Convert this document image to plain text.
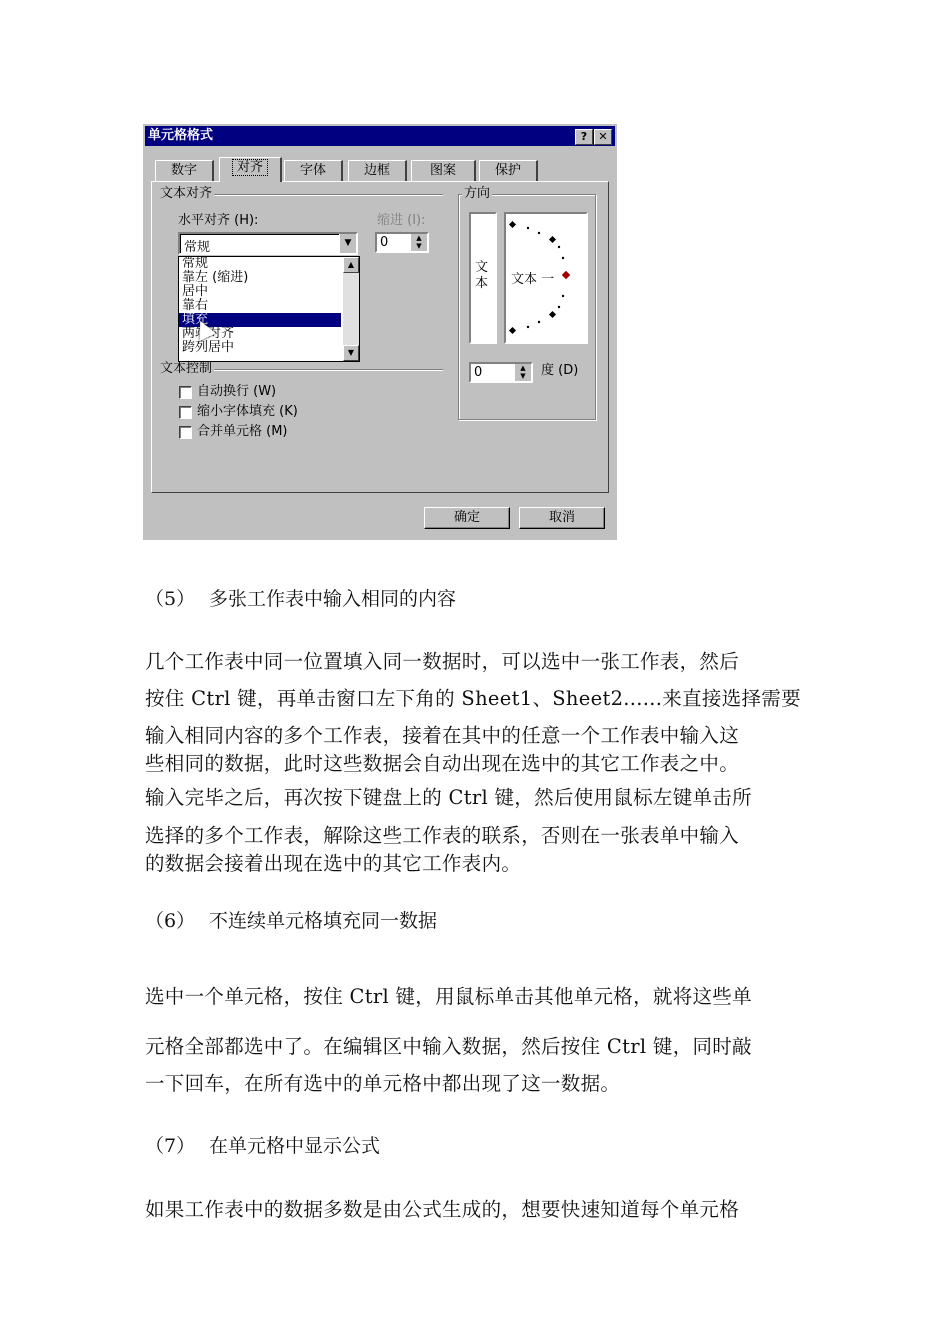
单元格格式	?	✕
数字	对齐	字体	边框	图案	保护
文本对齐
水平对齐 (H):
常规	▼
缩进 (I):
0	▲
▼
常规
靠左 (缩进)
居中
靠右
填充
两端对齐
跨列居中
▲
▼
文本控制
自动换行 (W)
缩小字体填充 (K)
合并单元格 (M)
方向
文本 文本 一
0	▲
▼	度 (D)
确定	取消
（5） 多张工作表中输入相同的内容
几个工作表中同一位置填入同一数据时，可以选中一张工作表，然后
按住 Ctrl 键，再单击窗口左下角的 Sheet1、Sheet2......来直接选择需要
输入相同内容的多个工作表，接着在其中的任意一个工作表中输入这
些相同的数据，此时这些数据会自动出现在选中的其它工作表之中。
输入完毕之后，再次按下键盘上的 Ctrl 键，然后使用鼠标左键单击所
选择的多个工作表，解除这些工作表的联系，否则在一张表单中输入
的数据会接着出现在选中的其它工作表内。
（6） 不连续单元格填充同一数据
选中一个单元格，按住 Ctrl 键，用鼠标单击其他单元格，就将这些单
元格全部都选中了。在编辑区中输入数据，然后按住 Ctrl 键，同时敲
一下回车，在所有选中的单元格中都出现了这一数据。
（7） 在单元格中显示公式
如果工作表中的数据多数是由公式生成的，想要快速知道每个单元格
